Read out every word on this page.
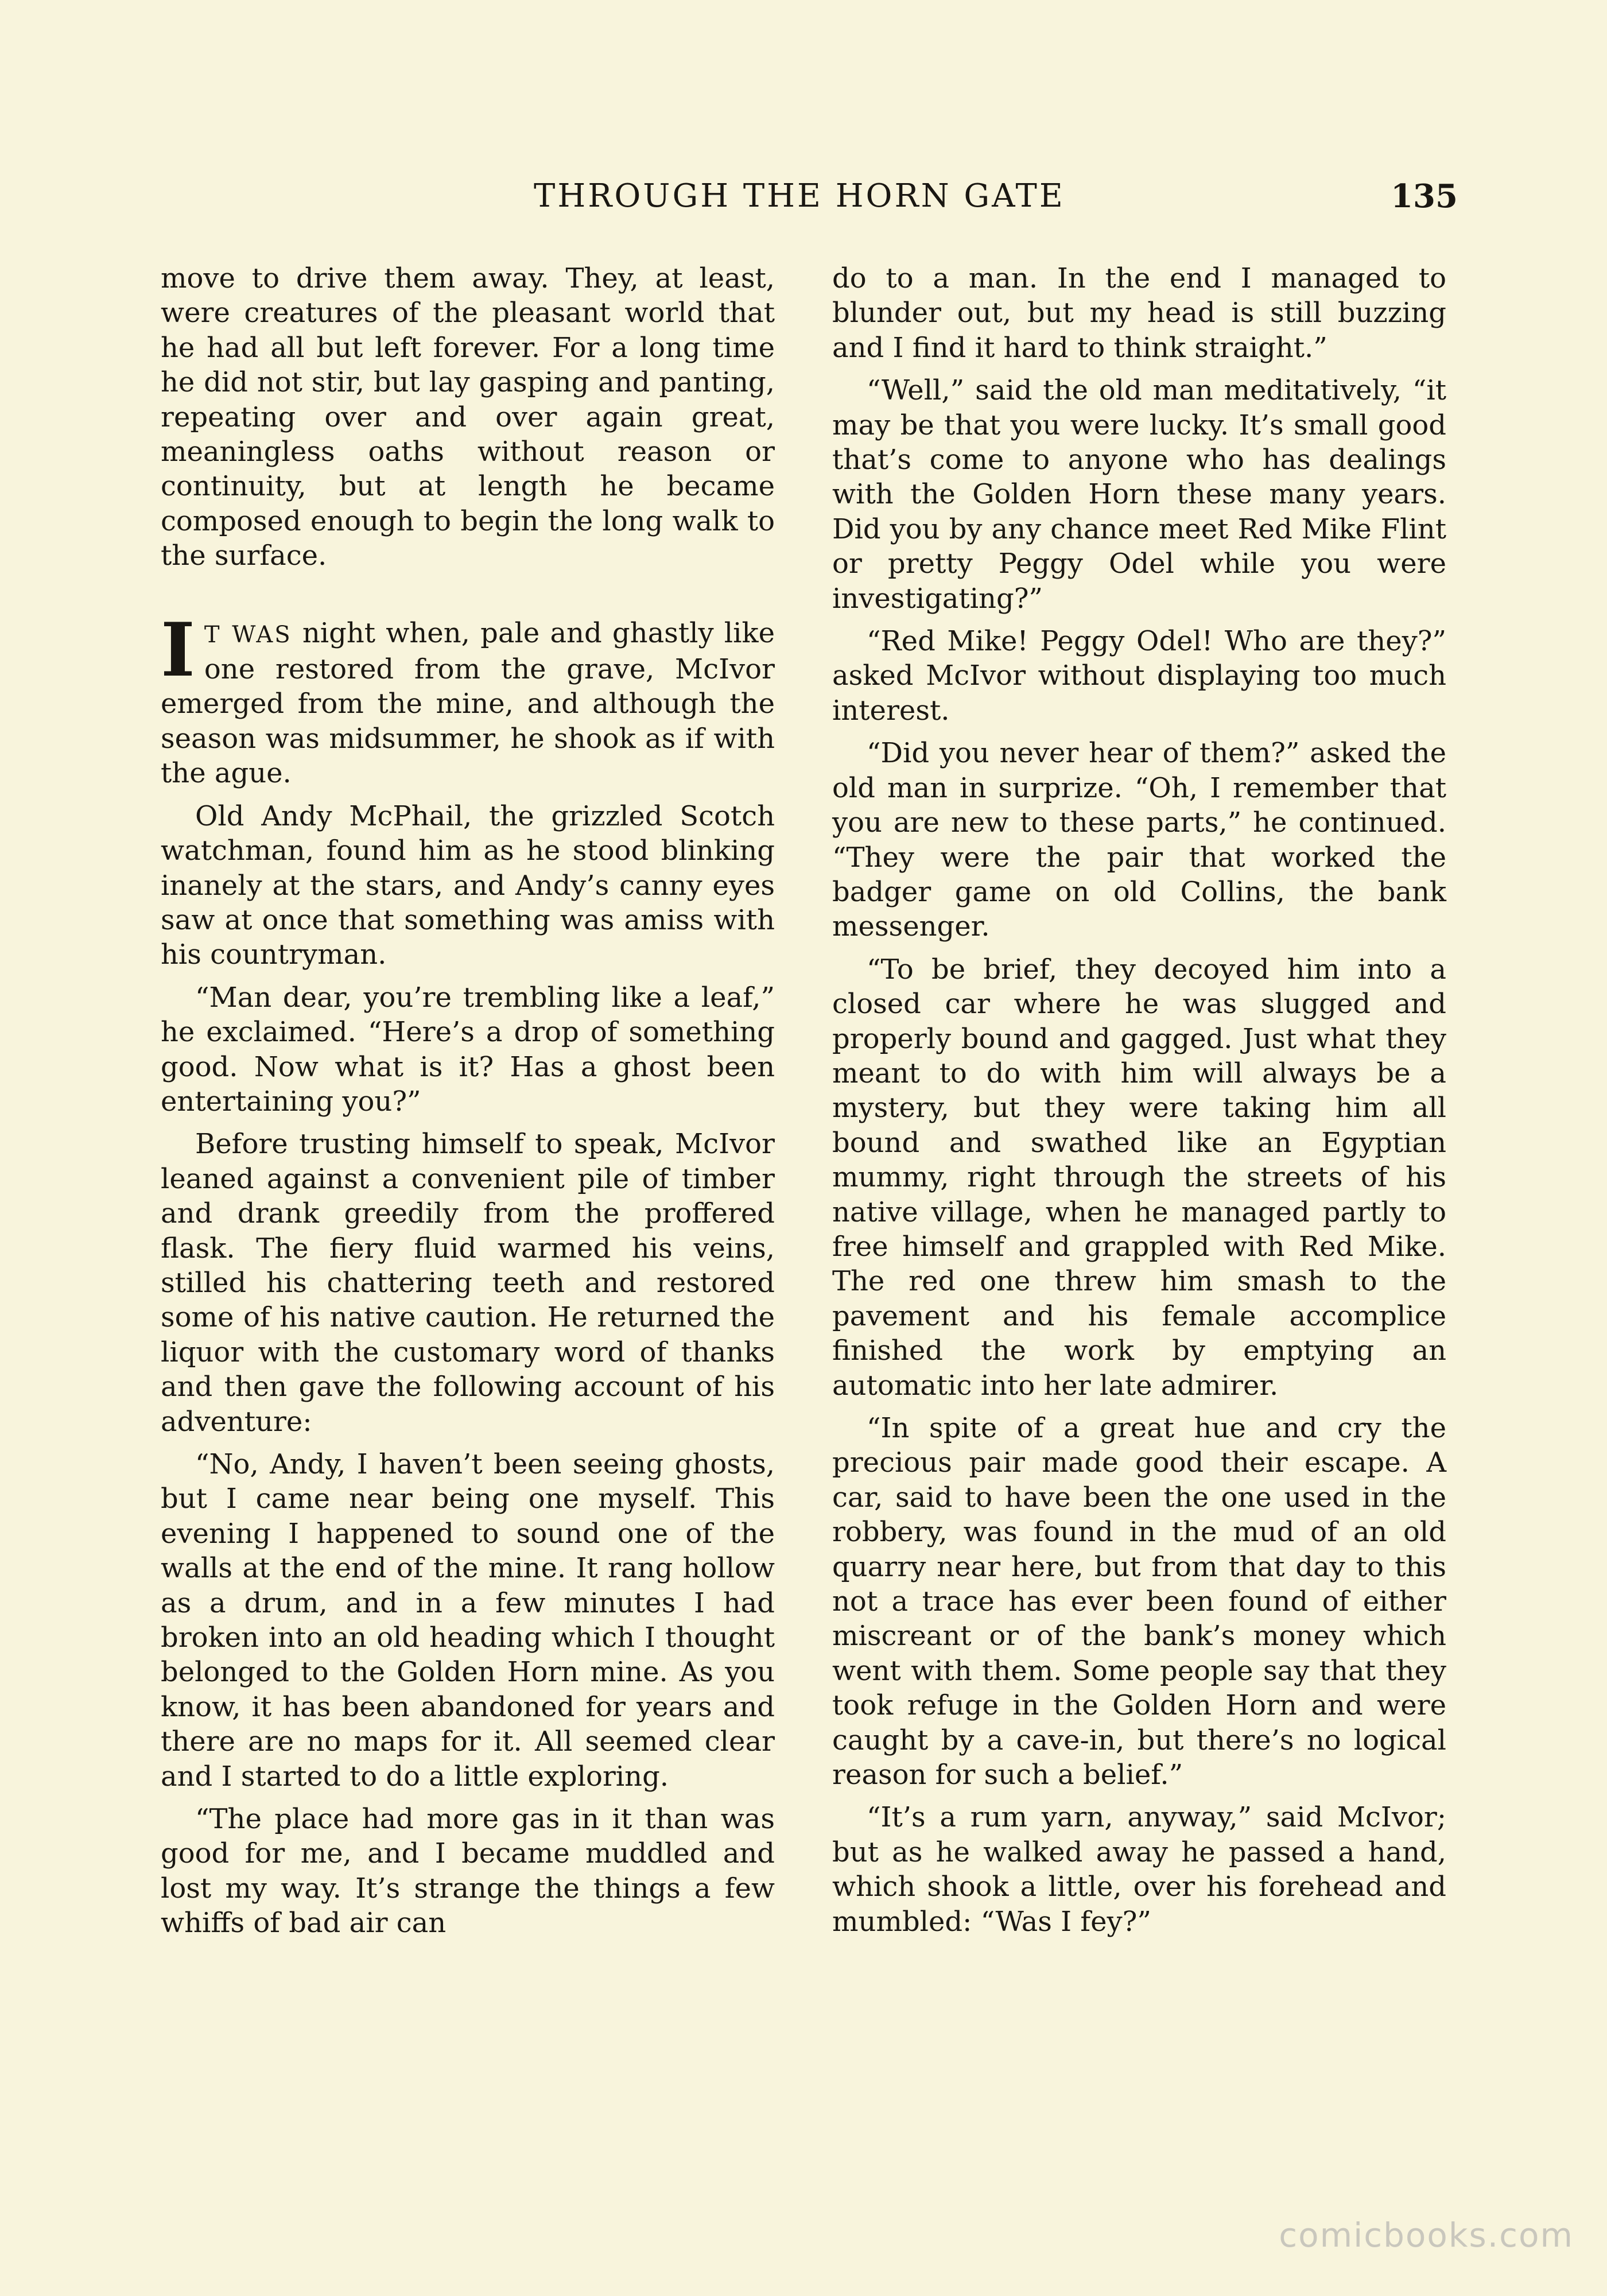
THROUGH THE HORN GATE	135

move to drive them away. They, at least, were creatures of the pleasant world that he had all but left forever. For a long time he did not stir, but lay gasping and panting, repeating over and over again great, meaningless oaths without reason or continuity, but at length he became composed enough to begin the long walk to the surface.

I T WAS night when, pale and ghastly like one restored from the grave, McIvor emerged from the mine, and although the season was midsummer, he shook as if with the ague.

Old Andy McPhail, the grizzled Scotch watchman, found him as he stood blinking inanely at the stars, and Andy’s canny eyes saw at once that something was amiss with his countryman.

“Man dear, you’re trembling like a leaf,” he exclaimed. “Here’s a drop of something good. Now what is it? Has a ghost been entertaining you?”

Before trusting himself to speak, McIvor leaned against a convenient pile of timber and drank greedily from the proffered flask. The fiery fluid warmed his veins, stilled his chattering teeth and restored some of his native caution. He returned the liquor with the customary word of thanks and then gave the following account of his adventure:

“No, Andy, I haven’t been seeing ghosts, but I came near being one myself. This evening I happened to sound one of the walls at the end of the mine. It rang hollow as a drum, and in a few minutes I had broken into an old heading which I thought belonged to the Golden Horn mine. As you know, it has been abandoned for years and there are no maps for it. All seemed clear and I started to do a little exploring.

“The place had more gas in it than was good for me, and I became muddled and lost my way. It’s strange the things a few whiffs of bad air can

do to a man. In the end I managed to blunder out, but my head is still buzzing and I find it hard to think straight.”

“Well,” said the old man meditatively, “it may be that you were lucky. It’s small good that’s come to anyone who has dealings with the Golden Horn these many years. Did you by any chance meet Red Mike Flint or pretty Peggy Odel while you were investigating?”

“Red Mike! Peggy Odel! Who are they?” asked McIvor without displaying too much interest.

“Did you never hear of them?” asked the old man in surprize. “Oh, I remember that you are new to these parts,” he continued. “They were the pair that worked the badger game on old Collins, the bank messenger.

“To be brief, they decoyed him into a closed car where he was slugged and properly bound and gagged. Just what they meant to do with him will always be a mystery, but they were taking him all bound and swathed like an Egyptian mummy, right through the streets of his native village, when he managed partly to free himself and grappled with Red Mike. The red one threw him smash to the pavement and his female accomplice finished the work by emptying an automatic into her late admirer.

“In spite of a great hue and cry the precious pair made good their escape. A car, said to have been the one used in the robbery, was found in the mud of an old quarry near here, but from that day to this not a trace has ever been found of either miscreant or of the bank’s money which went with them. Some people say that they took refuge in the Golden Horn and were caught by a cave-in, but there’s no logical reason for such a belief.”

“It’s a rum yarn, anyway,” said McIvor; but as he walked away he passed a hand, which shook a little, over his forehead and mumbled: “Was I fey?”

comicbooks.com
